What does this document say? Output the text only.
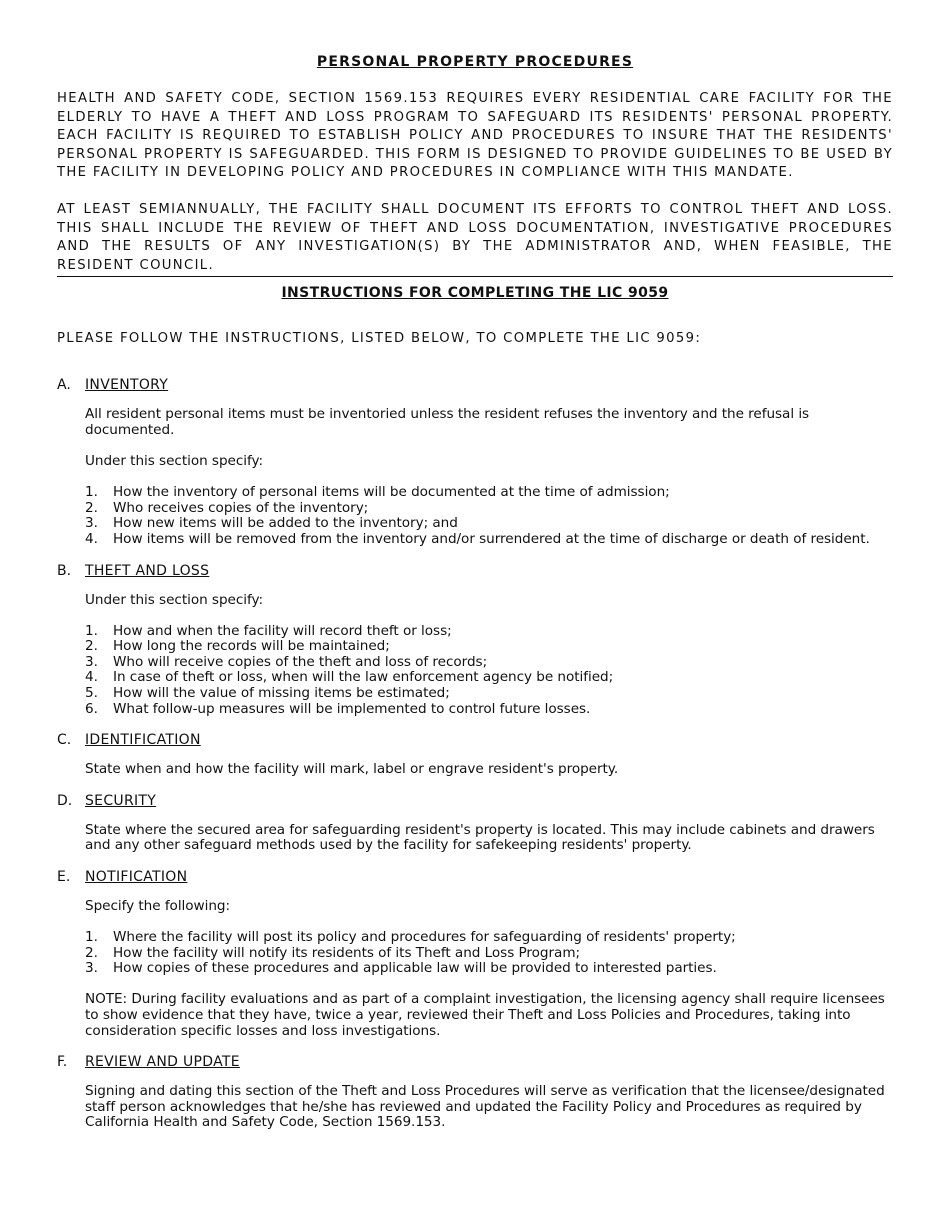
PERSONAL PROPERTY PROCEDURES

HEALTH AND SAFETY CODE, SECTION 1569.153 REQUIRES EVERY RESIDENTIAL CARE FACILITY FOR THE ELDERLY TO HAVE A THEFT AND LOSS PROGRAM TO SAFEGUARD ITS RESIDENTS' PERSONAL PROPERTY. EACH FACILITY IS REQUIRED TO ESTABLISH POLICY AND PROCEDURES TO INSURE THAT THE RESIDENTS' PERSONAL PROPERTY IS SAFEGUARDED. THIS FORM IS DESIGNED TO PROVIDE GUIDELINES TO BE USED BY THE FACILITY IN DEVELOPING POLICY AND PROCEDURES IN COMPLIANCE WITH THIS MANDATE.

AT LEAST SEMIANNUALLY, THE FACILITY SHALL DOCUMENT ITS EFFORTS TO CONTROL THEFT AND LOSS. THIS SHALL INCLUDE THE REVIEW OF THEFT AND LOSS DOCUMENTATION, INVESTIGATIVE PROCEDURES AND THE RESULTS OF ANY INVESTIGATION(S) BY THE ADMINISTRATOR AND, WHEN FEASIBLE, THE RESIDENT COUNCIL.

INSTRUCTIONS FOR COMPLETING THE LIC 9059

PLEASE FOLLOW THE INSTRUCTIONS, LISTED BELOW, TO COMPLETE THE LIC 9059:

A.	INVENTORY

All resident personal items must be inventoried unless the resident refuses the inventory and the refusal is documented.

Under this section specify:

1.	How the inventory of personal items will be documented at the time of admission;
2.	Who receives copies of the inventory;
3.	How new items will be added to the inventory; and
4.	How items will be removed from the inventory and/or surrendered at the time of discharge or death of resident.
B. THEFT AND LOSS

Under this section specify:

1.	How and when the facility will record theft or loss;
2.	How long the records will be maintained;
3.	Who will receive copies of the theft and loss of records;
4.	In case of theft or loss, when will the law enforcement agency be notified;
5.	How will the value of missing items be estimated;
6.	What follow-up measures will be implemented to control future losses.
C. IDENTIFICATION

State when and how the facility will mark, label or engrave resident's property.

D. SECURITY

State where the secured area for safeguarding resident's property is located. This may include cabinets and drawers and any other safeguard methods used by the facility for safekeeping residents' property.

E.	NOTIFICATION

Specify the following:

1.	Where the facility will post its policy and procedures for safeguarding of residents' property;
2.	How the facility will notify its residents of its Theft and Loss Program;
3.	How copies of these procedures and applicable law will be provided to interested parties.

NOTE: During facility evaluations and as part of a complaint investigation, the licensing agency shall require licensees to show evidence that they have, twice a year, reviewed their Theft and Loss Policies and Procedures, taking into consideration specific losses and loss investigations.

F.	REVIEW AND UPDATE

Signing and dating this section of the Theft and Loss Procedures will serve as verification that the licensee/designated staff person acknowledges that he/she has reviewed and updated the Facility Policy and Procedures as required by California Health and Safety Code, Section 1569.153.
